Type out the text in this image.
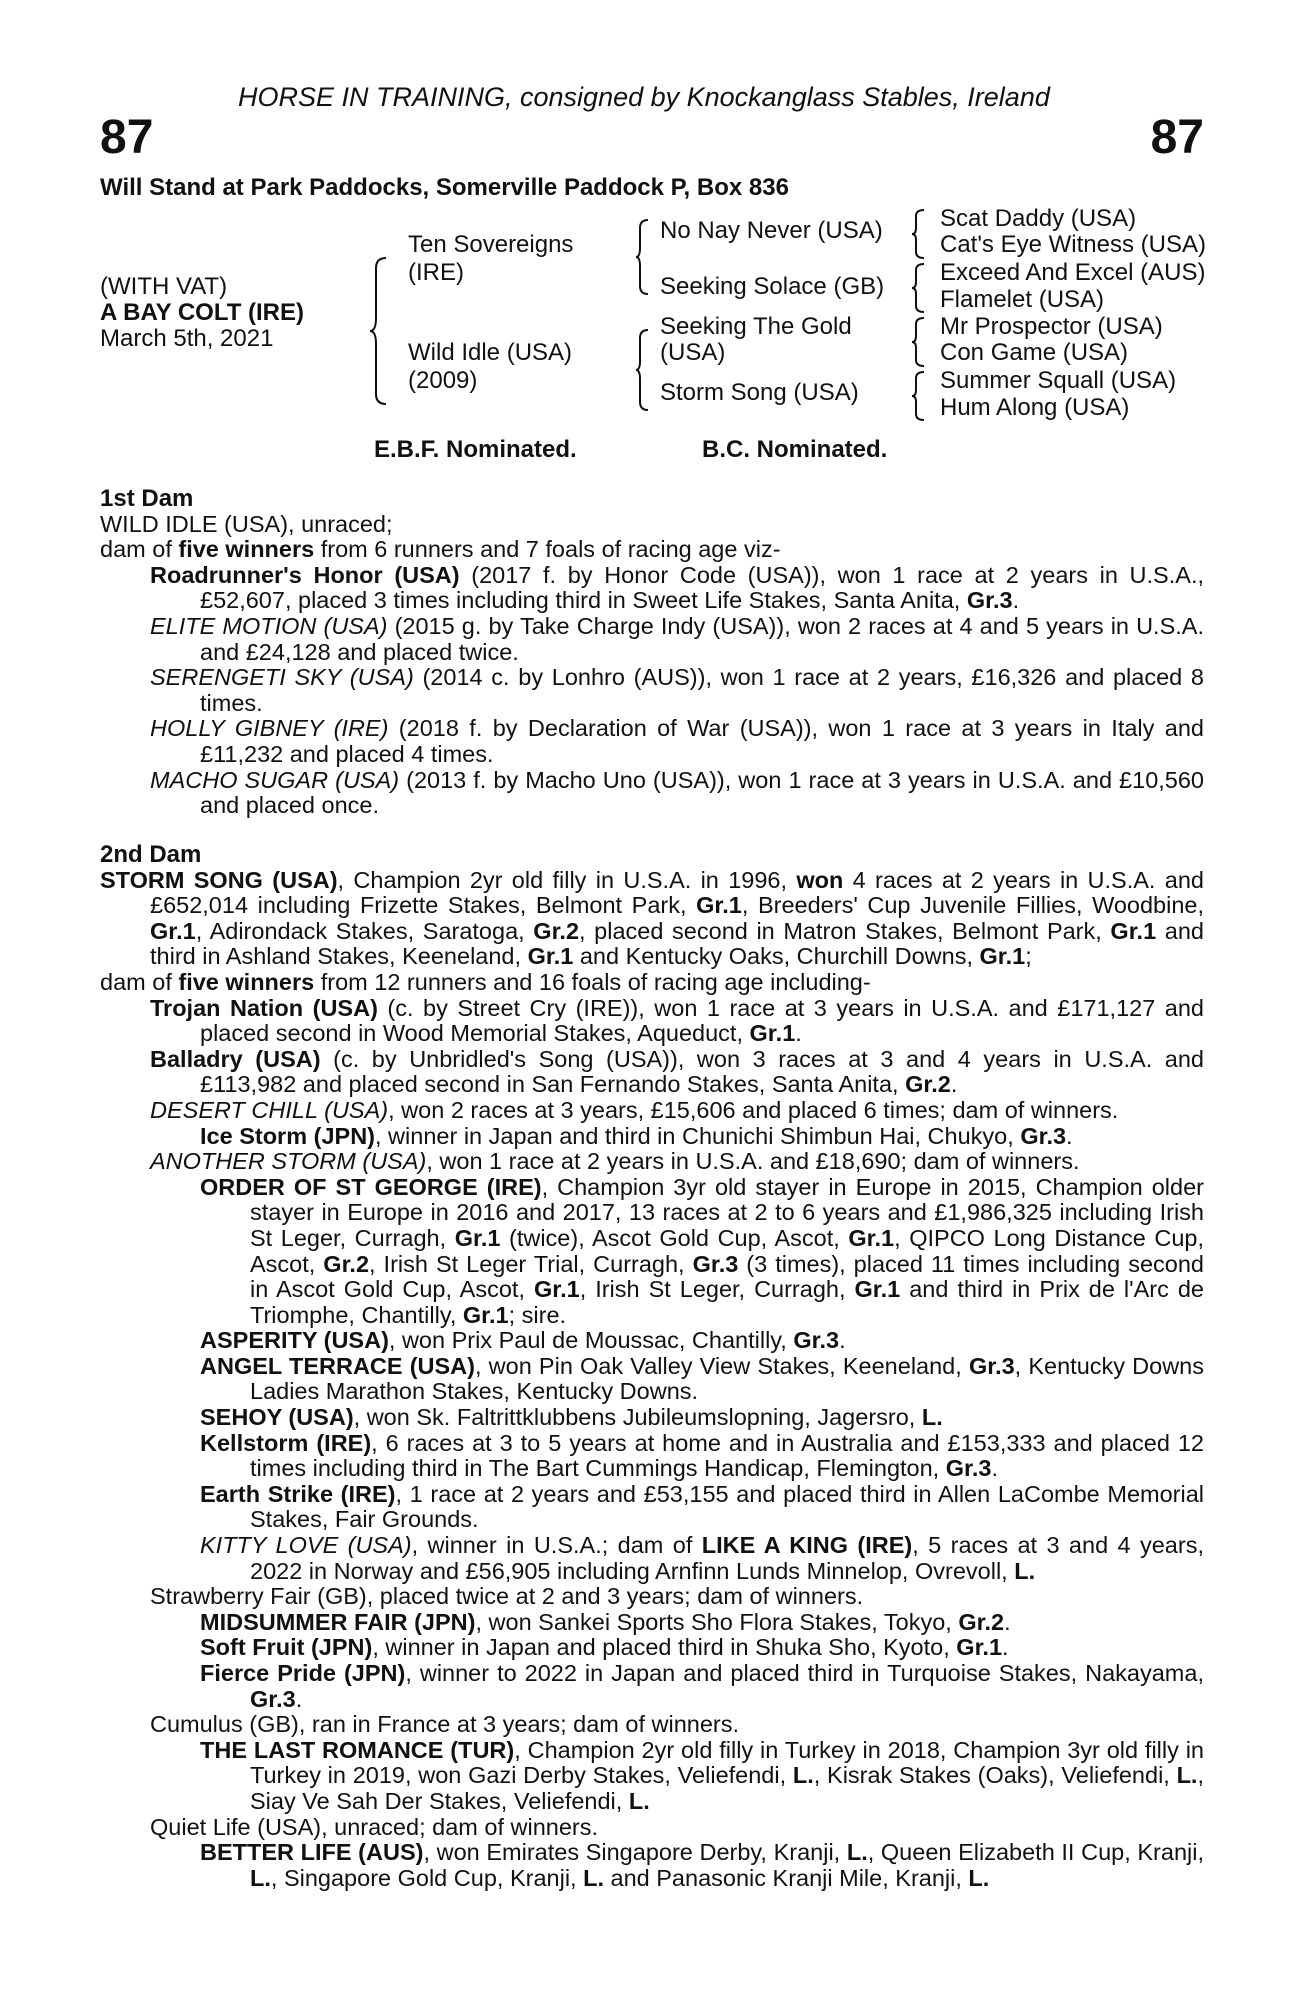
HORSE IN TRAINING, consigned by Knockanglass Stables, Ireland
87	87
Will Stand at Park Paddocks, Somerville Paddock P, Box 836
(WITH VAT)
A BAY COLT (IRE)
March 5th, 2021
Ten Sovereigns
(IRE)
Wild Idle (USA)
(2009)
No Nay Never (USA)
Seeking Solace (GB)
Seeking The Gold
(USA)
Storm Song (USA)
Scat Daddy (USA)
Cat's Eye Witness (USA)
Exceed And Excel (AUS)
Flamelet (USA)
Mr Prospector (USA)
Con Game (USA)
Summer Squall (USA)
Hum Along (USA)
E.B.F. Nominated.	B.C. Nominated.

1st Dam

WILD IDLE (USA), unraced;

dam of five winners from 6 runners and 7 foals of racing age viz-

Roadrunner's Honor (USA) (2017 f. by Honor Code (USA)), won 1 race at 2 years in U.S.A., £52,607, placed 3 times including third in Sweet Life Stakes, Santa Anita, Gr.3.

ELITE MOTION (USA) (2015 g. by Take Charge Indy (USA)), won 2 races at 4 and 5 years in U.S.A. and £24,128 and placed twice.

SERENGETI SKY (USA) (2014 c. by Lonhro (AUS)), won 1 race at 2 years, £16,326 and placed 8 times.

HOLLY GIBNEY (IRE) (2018 f. by Declaration of War (USA)), won 1 race at 3 years in Italy and £11,232 and placed 4 times.

MACHO SUGAR (USA) (2013 f. by Macho Uno (USA)), won 1 race at 3 years in U.S.A. and £10,560 and placed once.

2nd Dam

STORM SONG (USA), Champion 2yr old filly in U.S.A. in 1996, won 4 races at 2 years in U.S.A. and £652,014 including Frizette Stakes, Belmont Park, Gr.1, Breeders' Cup Juvenile Fillies, Woodbine, Gr.1, Adirondack Stakes, Saratoga, Gr.2, placed second in Matron Stakes, Belmont Park, Gr.1 and third in Ashland Stakes, Keeneland, Gr.1 and Kentucky Oaks, Churchill Downs, Gr.1;

dam of five winners from 12 runners and 16 foals of racing age including-

Trojan Nation (USA) (c. by Street Cry (IRE)), won 1 race at 3 years in U.S.A. and £171,127 and placed second in Wood Memorial Stakes, Aqueduct, Gr.1.

Balladry (USA) (c. by Unbridled's Song (USA)), won 3 races at 3 and 4 years in U.S.A. and £113,982 and placed second in San Fernando Stakes, Santa Anita, Gr.2.

DESERT CHILL (USA), won 2 races at 3 years, £15,606 and placed 6 times; dam of winners.

Ice Storm (JPN), winner in Japan and third in Chunichi Shimbun Hai, Chukyo, Gr.3.

ANOTHER STORM (USA), won 1 race at 2 years in U.S.A. and £18,690; dam of winners.

ORDER OF ST GEORGE (IRE), Champion 3yr old stayer in Europe in 2015, Champion older stayer in Europe in 2016 and 2017, 13 races at 2 to 6 years and £1,986,325 including Irish St Leger, Curragh, Gr.1 (twice), Ascot Gold Cup, Ascot, Gr.1, QIPCO Long Distance Cup, Ascot, Gr.2, Irish St Leger Trial, Curragh, Gr.3 (3 times), placed 11 times including second in Ascot Gold Cup, Ascot, Gr.1, Irish St Leger, Curragh, Gr.1 and third in Prix de l'Arc de Triomphe, Chantilly, Gr.1; sire.

ASPERITY (USA), won Prix Paul de Moussac, Chantilly, Gr.3.

ANGEL TERRACE (USA), won Pin Oak Valley View Stakes, Keeneland, Gr.3, Kentucky Downs Ladies Marathon Stakes, Kentucky Downs.

SEHOY (USA), won Sk. Faltrittklubbens Jubileumslopning, Jagersro, L.

Kellstorm (IRE), 6 races at 3 to 5 years at home and in Australia and £153,333 and placed 12 times including third in The Bart Cummings Handicap, Flemington, Gr.3.

Earth Strike (IRE), 1 race at 2 years and £53,155 and placed third in Allen LaCombe Memorial Stakes, Fair Grounds.

KITTY LOVE (USA), winner in U.S.A.; dam of LIKE A KING (IRE), 5 races at 3 and 4 years, 2022 in Norway and £56,905 including Arnfinn Lunds Minnelop, Ovrevoll, L.

Strawberry Fair (GB), placed twice at 2 and 3 years; dam of winners.

MIDSUMMER FAIR (JPN), won Sankei Sports Sho Flora Stakes, Tokyo, Gr.2.

Soft Fruit (JPN), winner in Japan and placed third in Shuka Sho, Kyoto, Gr.1.

Fierce Pride (JPN), winner to 2022 in Japan and placed third in Turquoise Stakes, Nakayama, Gr.3.

Cumulus (GB), ran in France at 3 years; dam of winners.

THE LAST ROMANCE (TUR), Champion 2yr old filly in Turkey in 2018, Champion 3yr old filly in Turkey in 2019, won Gazi Derby Stakes, Veliefendi, L., Kisrak Stakes (Oaks), Veliefendi, L., Siay Ve Sah Der Stakes, Veliefendi, L.

Quiet Life (USA), unraced; dam of winners.

BETTER LIFE (AUS), won Emirates Singapore Derby, Kranji, L., Queen Elizabeth II Cup, Kranji, L., Singapore Gold Cup, Kranji, L. and Panasonic Kranji Mile, Kranji, L.
